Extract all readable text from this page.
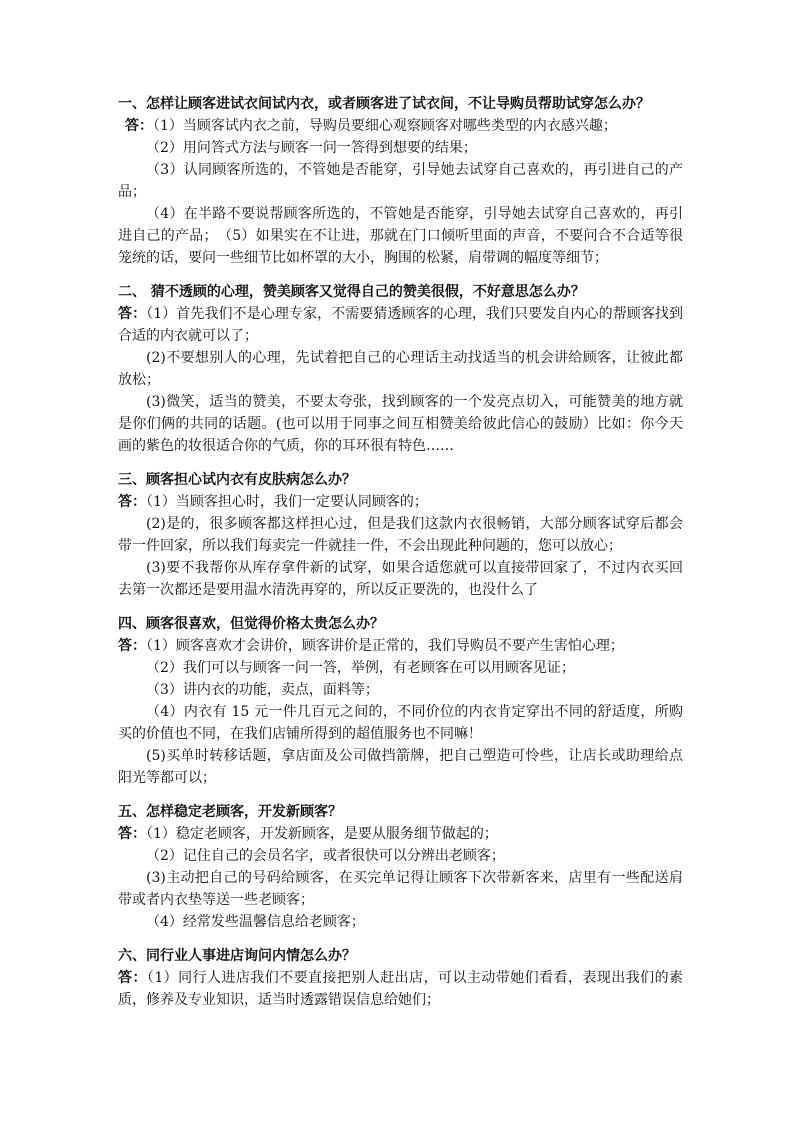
一、怎样让顾客进试衣间试内衣，或者顾客进了试衣间，不让导购员帮助试穿怎么办？

答：（1）当顾客试内衣之前，导购员要细心观察顾客对哪些类型的内衣感兴趣；

（2）用问答式方法与顾客一问一答得到想要的结果；

（3）认同顾客所选的，不管她是否能穿，引导她去试穿自己喜欢的，再引进自己的产品；

（4）在半路不要说帮顾客所选的，不管她是否能穿，引导她去试穿自己喜欢的，再引进自己的产品；　（5）如果实在不让进，那就在门口倾听里面的声音，不要问合不合适等很笼统的话，要问一些细节比如杯罩的大小，胸围的松紧，肩带调的幅度等细节；

二、 猜不透顾的心理，赞美顾客又觉得自己的赞美很假，不好意思怎么办？

答：（1）首先我们不是心理专家，不需要猜透顾客的心理，我们只要发自内心的帮顾客找到合适的内衣就可以了；

(2)不要想别人的心理，先试着把自己的心理话主动找适当的机会讲给顾客，让彼此都放松；

(3)微笑，适当的赞美，不要太夸张，找到顾客的一个发亮点切入，可能赞美的地方就是你们俩的共同的话题。(也可以用于同事之间互相赞美给彼此信心的鼓励）比如：你今天画的紫色的妆很适合你的气质，你的耳环很有特色……

三、顾客担心试内衣有皮肤病怎么办？

答：（1）当顾客担心时，我们一定要认同顾客的；

(2)是的，很多顾客都这样担心过，但是我们这款内衣很畅销，大部分顾客试穿后都会带一件回家，所以我们每卖完一件就挂一件，不会出现此种问题的，您可以放心；

(3)要不我帮你从库存拿件新的试穿，如果合适您就可以直接带回家了，不过内衣买回去第一次都还是要用温水清洗再穿的，所以反正要洗的，也没什么了

四、顾客很喜欢，但觉得价格太贵怎么办？

答：（1）顾客喜欢才会讲价，顾客讲价是正常的，我们导购员不要产生害怕心理；

（2）我们可以与顾客一问一答，举例，有老顾客在可以用顾客见证；

（3）讲内衣的功能，卖点，面料等；

（4）内衣有 15 元一件几百元之间的，不同价位的内衣肯定穿出不同的舒适度，所购买的价值也不同，在我们店铺所得到的超值服务也不同嘛！

(5)买单时转移话题，拿店面及公司做挡箭牌，把自己塑造可怜些，让店长或助理给点阳光等都可以；

五、怎样稳定老顾客，开发新顾客？

答：（1）稳定老顾客，开发新顾客，是要从服务细节做起的；

（2）记住自己的会员名字，或者很快可以分辨出老顾客；

(3)主动把自己的号码给顾客，在买完单记得让顾客下次带新客来，店里有一些配送肩带或者内衣垫等送一些老顾客；

（4）经常发些温馨信息给老顾客；

六、同行业人事进店询问内情怎么办？

答：（1）同行人进店我们不要直接把别人赶出店，可以主动带她们看看，表现出我们的素质，修养及专业知识，适当时透露错误信息给她们；
